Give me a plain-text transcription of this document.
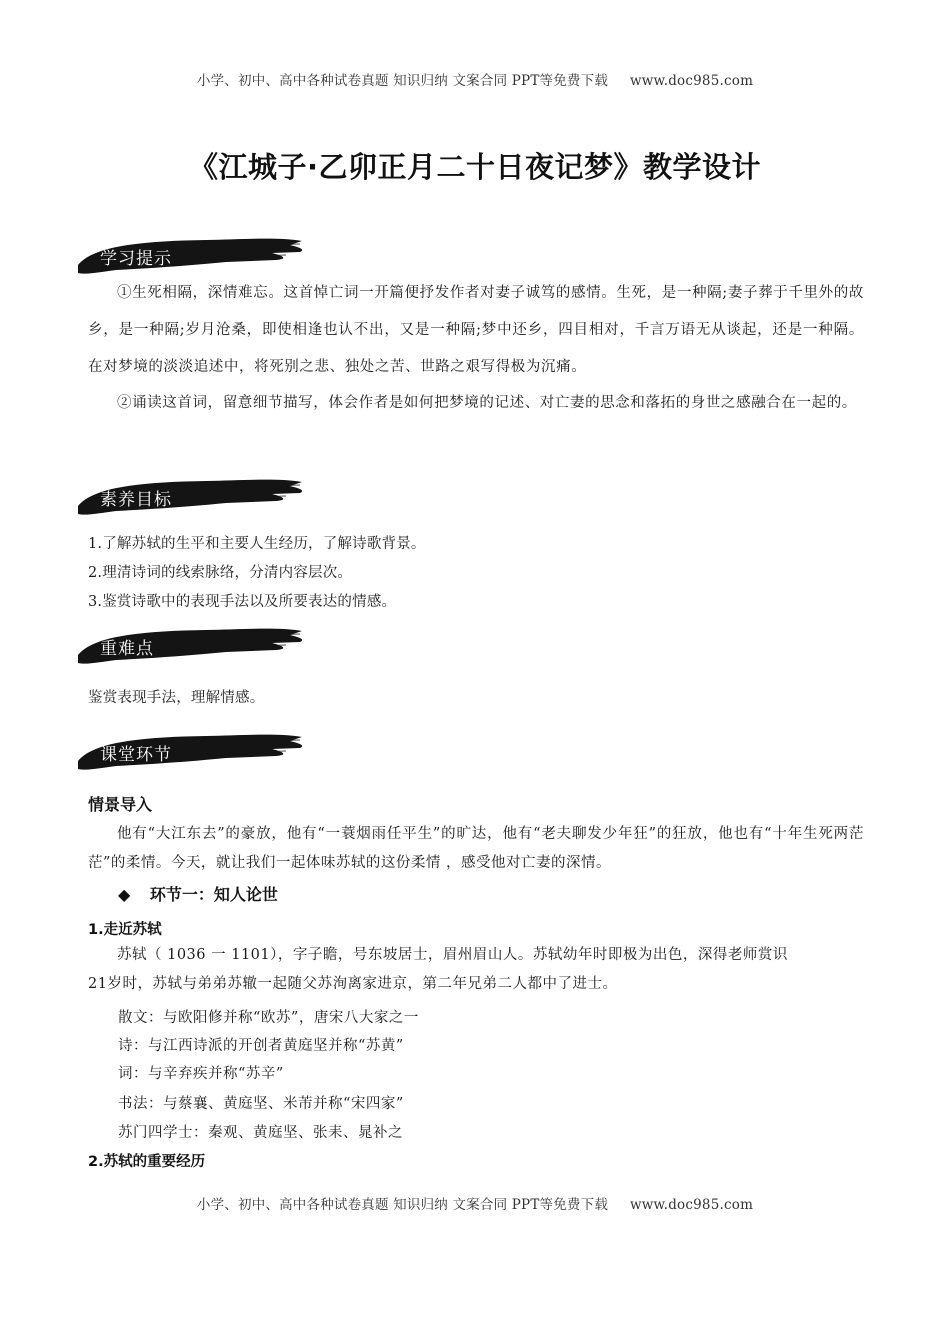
小学、初中、高中各种试卷真题 知识归纳 文案合同 PPT等免费下载 www.doc985.com
《江城子·乙卯正月二十日夜记梦》教学设计
学习提示
①生死相隔，深情难忘。这首悼亡词一开篇便抒发作者对妻子诚笃的感情。生死，是一种隔;妻子葬于千里外的故乡，是一种隔;岁月沧桑，即使相逢也认不出，又是一种隔;梦中还乡，四目相对，千言万语无从谈起，还是一种隔。在对梦境的淡淡追述中，将死别之悲、独处之苦、世路之艰写得极为沉痛。
②诵读这首词，留意细节描写，体会作者是如何把梦境的记述、对亡妻的思念和落拓的身世之感融合在一起的。
素养目标
1.了解苏轼的生平和主要人生经历，了解诗歌背景。
2.理清诗词的线索脉络，分清内容层次。
3.鉴赏诗歌中的表现手法以及所要表达的情感。
重难点
鉴赏表现手法，理解情感。
课堂环节
情景导入
他有“大江东去”的豪放，他有“一蓑烟雨任平生”的旷达，他有“老夫聊发少年狂”的狂放，他也有“十年生死两茫茫”的柔情。今天，就让我们一起体味苏轼的这份柔情 ，感受他对亡妻的深情。
◆ 环节一：知人论世
1.走近苏轼
苏轼（ 1036 一 1101），字子瞻，号东坡居士，眉州眉山人。苏轼幼年时即极为出色，深得老师赏识
21岁时，苏轼与弟弟苏辙一起随父苏洵离家进京，第二年兄弟二人都中了进士。
散文：与欧阳修并称“欧苏”，唐宋八大家之一
诗：与江西诗派的开创者黄庭坚并称“苏黄”
词：与辛弃疾并称“苏辛”
书法：与蔡襄、黄庭坚、米芾并称“宋四家”
苏门四学士：秦观、黄庭坚、张耒、晁补之
2.苏轼的重要经历
小学、初中、高中各种试卷真题 知识归纳 文案合同 PPT等免费下载 www.doc985.com
